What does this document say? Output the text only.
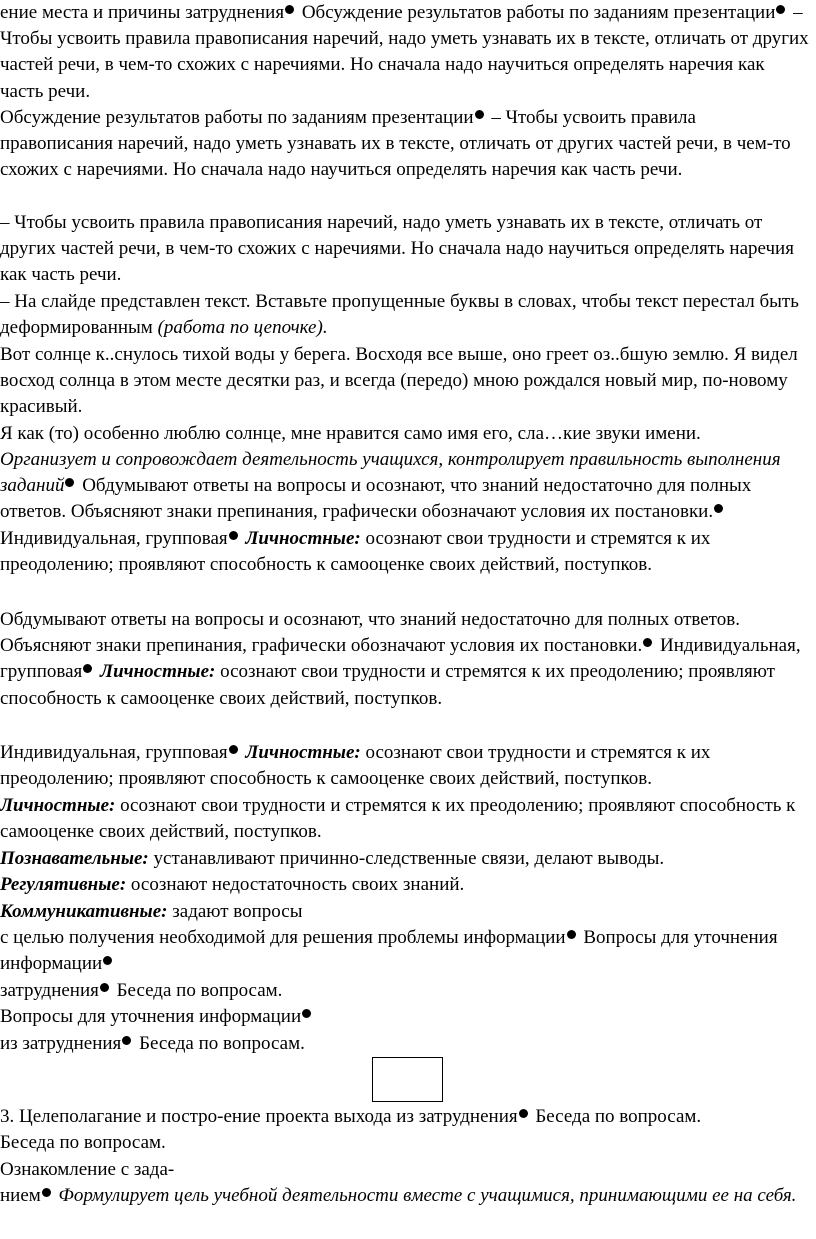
ение места и причины затруднения Обсуждение результатов работы по заданиям презентации – Чтобы усвоить правила правописания наречий, надо уметь узнавать их в тексте, отличать от других частей речи, в чем-то схожих с наречиями. Но сначала надо научиться определять наречия как часть речи.

Обсуждение результатов работы по заданиям презентации – Чтобы усвоить правила правописания наречий, надо уметь узнавать их в тексте, отличать от других частей речи, в чем-то схожих с наречиями. Но сначала надо научиться определять наречия как часть речи.

– Чтобы усвоить правила правописания наречий, надо уметь узнавать их в тексте, отличать от других частей речи, в чем-то схожих с наречиями. Но сначала надо научиться определять наречия как часть речи.

– На слайде представлен текст. Вставьте пропущенные буквы в словах, чтобы текст перестал быть деформированным (работа по цепочке).

Вот солнце к..снулось тихой воды у берега. Восходя все выше, оно греет оз..бшую землю. Я видел восход солнца в этом месте десятки раз, и всегда (передо) мною рождался новый мир, по-новому красивый.

Я как (то) особенно люблю солнце, мне нравится само имя его, сла…кие звуки имени.

Организует и сопровождает деятельность учащихся, контролирует правильность выполнения заданий Обдумывают ответы на вопросы и осознают, что знаний недостаточно для полных ответов. Объясняют знаки препинания, графически обозначают условия их постановки. Индивидуальная, групповая Личностные: осознают свои трудности и стремятся к их преодолению; проявляют способность к самооценке своих действий, поступков.

Обдумывают ответы на вопросы и осознают, что знаний недостаточно для полных ответов. Объясняют знаки препинания, графически обозначают условия их постановки. Индивидуальная, групповая Личностные: осознают свои трудности и стремятся к их преодолению; проявляют способность к самооценке своих действий, поступков.

Индивидуальная, групповая Личностные: осознают свои трудности и стремятся к их преодолению; проявляют способность к самооценке своих действий, поступков.

Личностные: осознают свои трудности и стремятся к их преодолению; проявляют способность к самооценке своих действий, поступков.

Познавательные: устанавливают причинно-следственные связи, делают выводы.

Регулятивные: осознают недостаточность своих знаний.

Коммуникативные: задают вопросы

с целью получения необходимой для решения проблемы информации Вопросы для уточнения информации

затруднения Беседа по вопросам.

Вопросы для уточнения информации

из затруднения Беседа по вопросам.

3. Целеполагание и постро-ение проекта выхода из затруднения Беседа по вопросам.

Беседа по вопросам.

Ознакомление с зада-

нием Формулирует цель учебной деятельности вместе с учащимися, принимающими ее на себя.
